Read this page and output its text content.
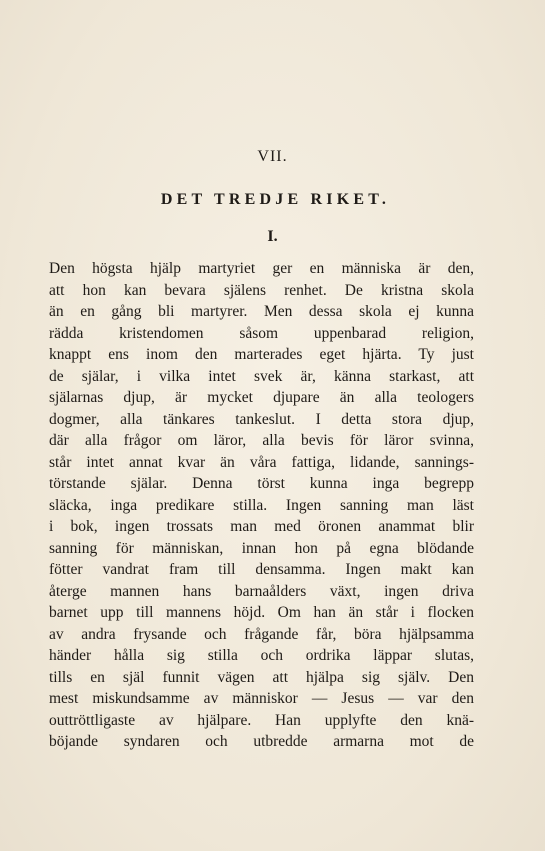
VII.
DET TREDJE RIKET.
I.
Den högsta hjälp martyriet ger en människa är den,
att hon kan bevara själens renhet. De kristna skola
än en gång bli martyrer. Men dessa skola ej kunna
rädda kristendomen såsom uppenbarad religion,
knappt ens inom den marterades eget hjärta. Ty just
de själar, i vilka intet svek är, känna starkast, att
själarnas djup, är mycket djupare än alla teologers
dogmer, alla tänkares tankeslut. I detta stora djup,
där alla frågor om läror, alla bevis för läror svinna,
står intet annat kvar än våra fattiga, lidande, sannings-
törstande själar. Denna törst kunna inga begrepp
släcka, inga predikare stilla. Ingen sanning man läst
i bok, ingen trossats man med öronen anammat blir
sanning för människan, innan hon på egna blödande
fötter vandrat fram till densamma. Ingen makt kan
återge mannen hans barnaålders växt, ingen driva
barnet upp till mannens höjd. Om han än står i flocken
av andra frysande och frågande får, böra hjälpsamma
händer hålla sig stilla och ordrika läppar slutas,
tills en själ funnit vägen att hjälpa sig själv. Den
mest miskundsamme av människor — Jesus — var den
outtröttligaste av hjälpare. Han upplyfte den knä-
böjande syndaren och utbredde armarna mot de
